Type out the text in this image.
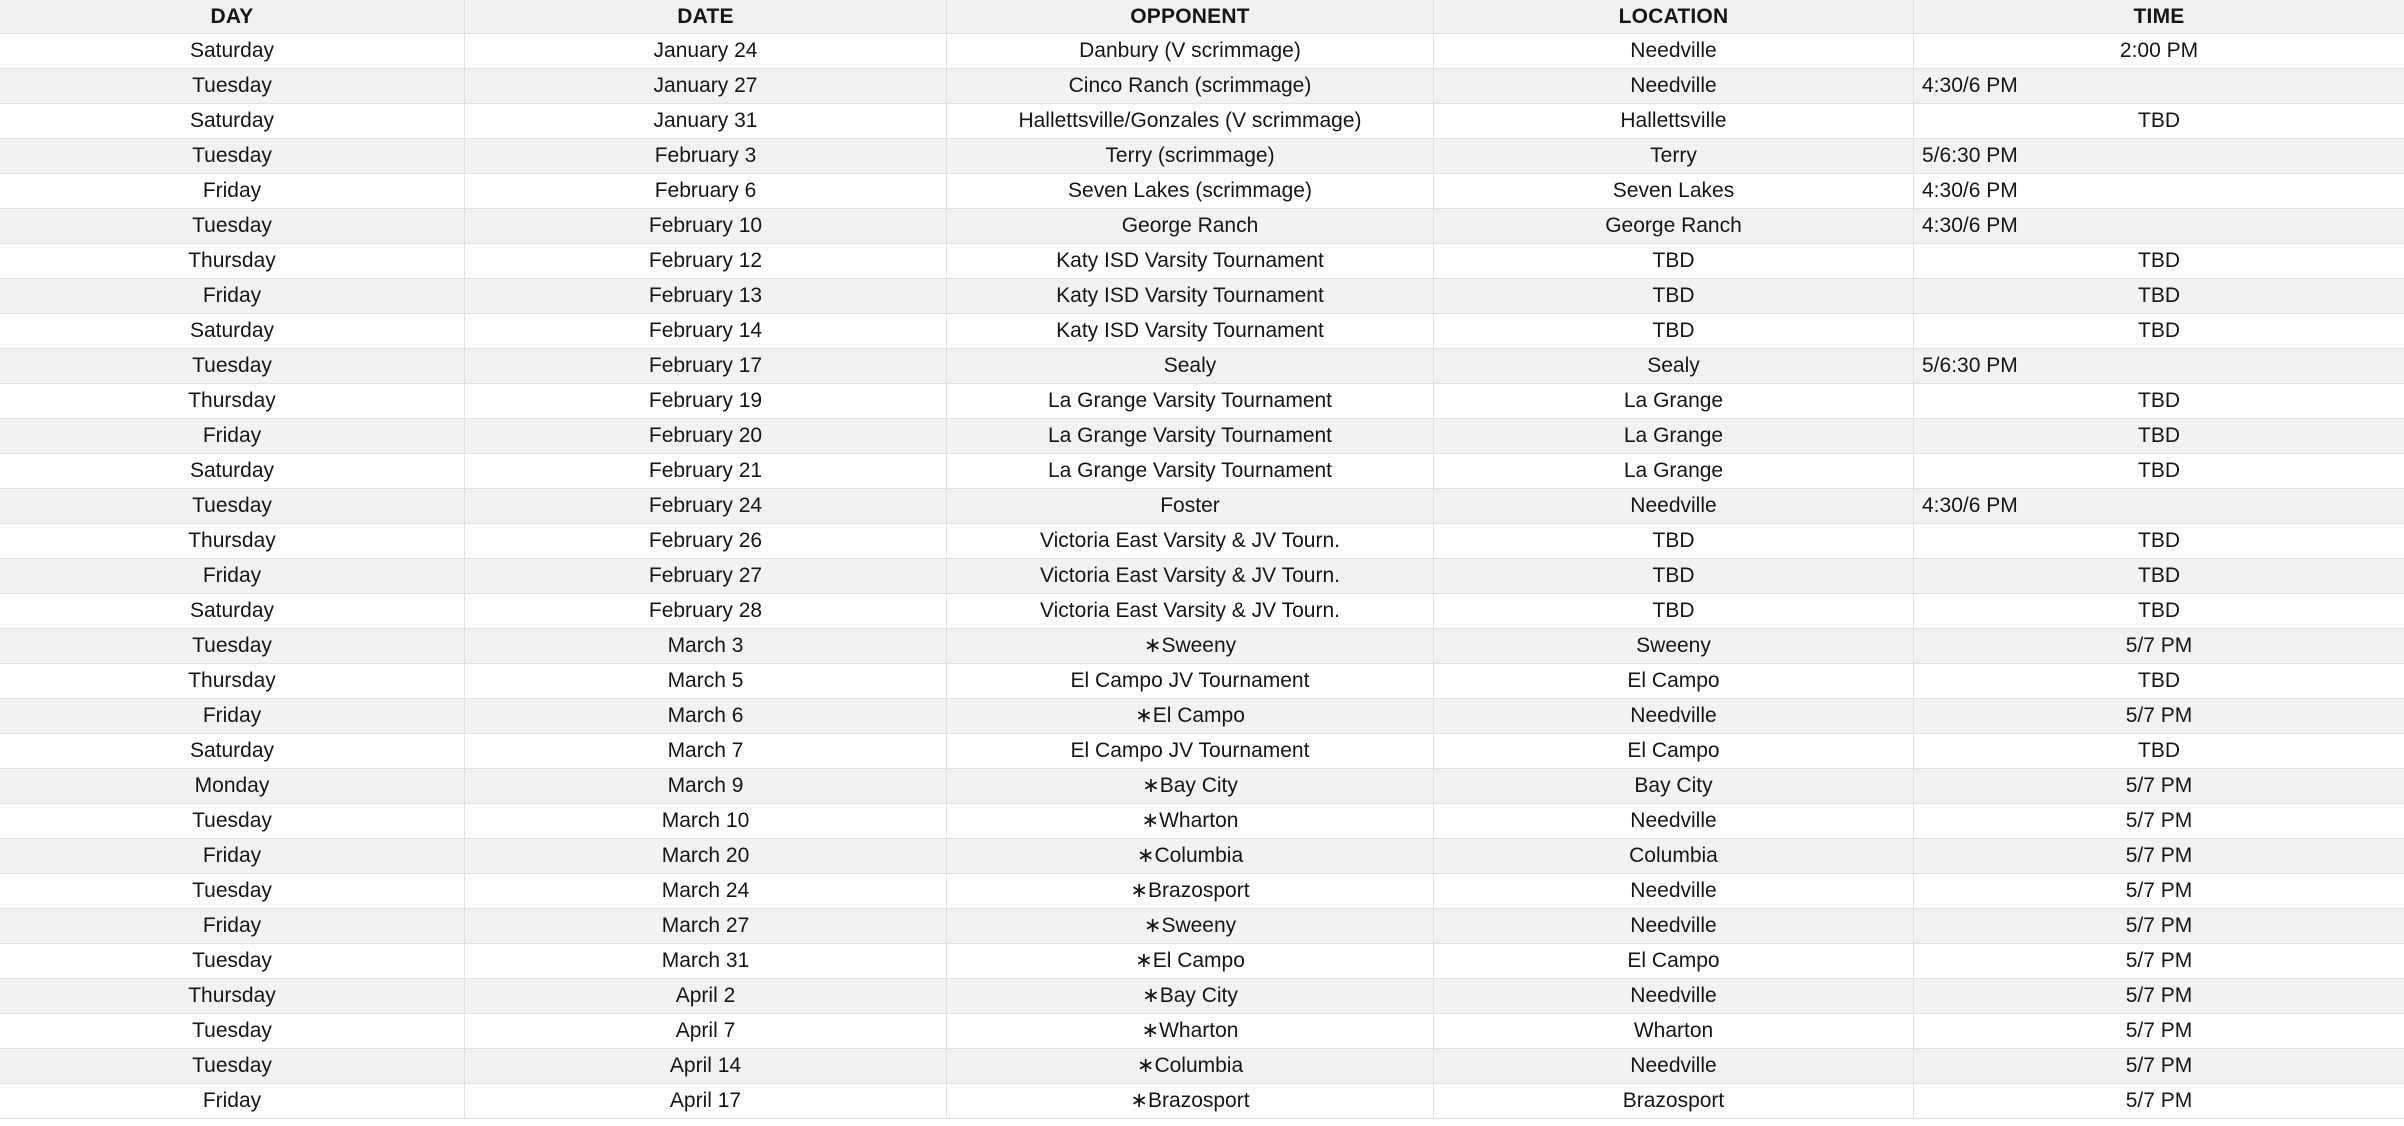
DAY	DATE	OPPONENT	LOCATION	TIME
Saturday	January 24	Danbury (V scrimmage)	Needville	2:00 PM
Tuesday	January 27	Cinco Ranch (scrimmage)	Needville	4:30/6 PM
Saturday	January 31	Hallettsville/Gonzales (V scrimmage)	Hallettsville	TBD
Tuesday	February 3	Terry (scrimmage)	Terry	5/6:30 PM
Friday	February 6	Seven Lakes (scrimmage)	Seven Lakes	4:30/6 PM
Tuesday	February 10	George Ranch	George Ranch	4:30/6 PM
Thursday	February 12	Katy ISD Varsity Tournament	TBD	TBD
Friday	February 13	Katy ISD Varsity Tournament	TBD	TBD
Saturday	February 14	Katy ISD Varsity Tournament	TBD	TBD
Tuesday	February 17	Sealy	Sealy	5/6:30 PM
Thursday	February 19	La Grange Varsity Tournament	La Grange	TBD
Friday	February 20	La Grange Varsity Tournament	La Grange	TBD
Saturday	February 21	La Grange Varsity Tournament	La Grange	TBD
Tuesday	February 24	Foster	Needville	4:30/6 PM
Thursday	February 26	Victoria East Varsity & JV Tourn.	TBD	TBD
Friday	February 27	Victoria East Varsity & JV Tourn.	TBD	TBD
Saturday	February 28	Victoria East Varsity & JV Tourn.	TBD	TBD
Tuesday	March 3	∗Sweeny	Sweeny	5/7 PM
Thursday	March 5	El Campo JV Tournament	El Campo	TBD
Friday	March 6	∗El Campo	Needville	5/7 PM
Saturday	March 7	El Campo JV Tournament	El Campo	TBD
Monday	March 9	∗Bay City	Bay City	5/7 PM
Tuesday	March 10	∗Wharton	Needville	5/7 PM
Friday	March 20	∗Columbia	Columbia	5/7 PM
Tuesday	March 24	∗Brazosport	Needville	5/7 PM
Friday	March 27	∗Sweeny	Needville	5/7 PM
Tuesday	March 31	∗El Campo	El Campo	5/7 PM
Thursday	April 2	∗Bay City	Needville	5/7 PM
Tuesday	April 7	∗Wharton	Wharton	5/7 PM
Tuesday	April 14	∗Columbia	Needville	5/7 PM
Friday	April 17	∗Brazosport	Brazosport	5/7 PM
